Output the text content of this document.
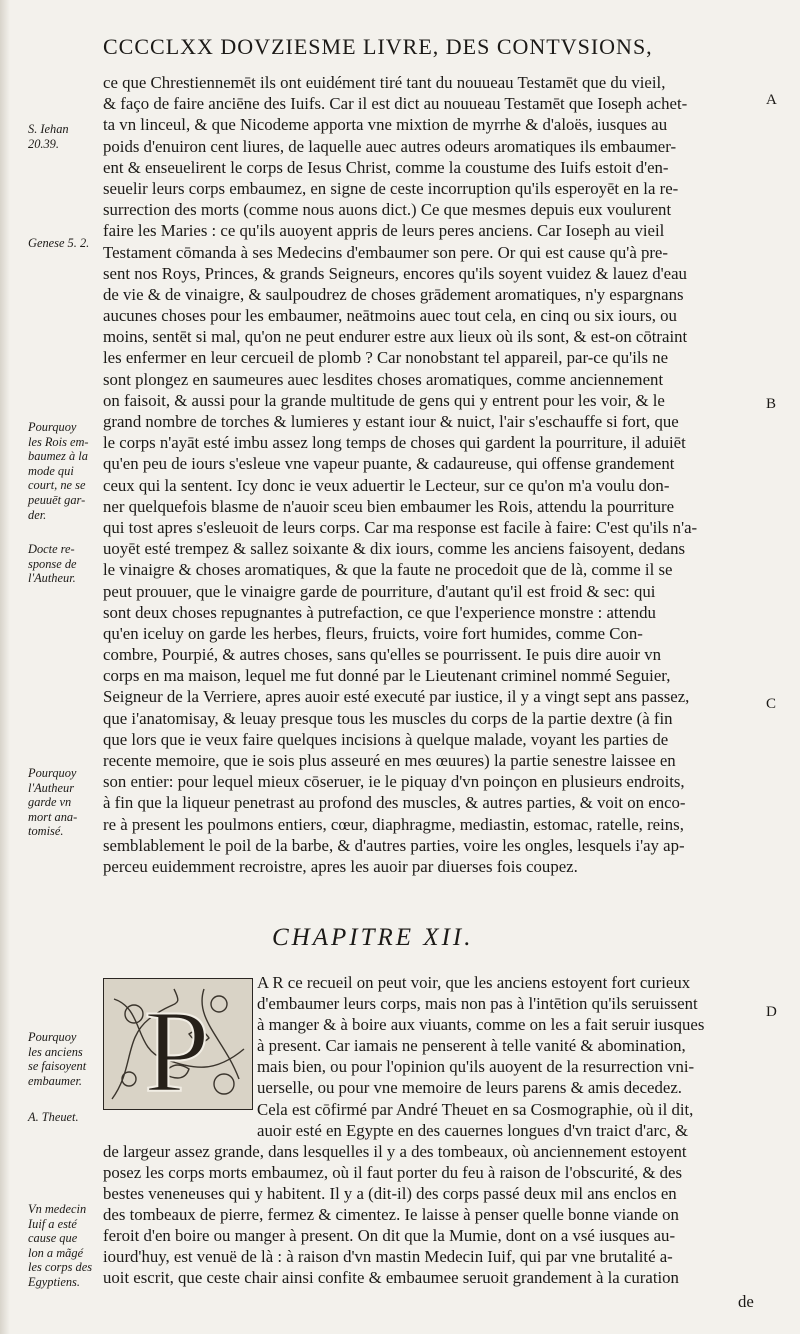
CCCCLXX DOVZIESME LIVRE, DES CONTVSIONS,
ce que Chrestiennemēt ils ont euidément tiré tant du nouueau Testamēt que du vieil,
& faço de faire anciēne des Iuifs. Car il est dict au nouueau Testamēt que Ioseph achet-
ta vn linceul, & que Nicodeme apporta vne mixtion de myrrhe & d'aloës, iusques au
poids d'enuiron cent liures, de laquelle auec autres odeurs aromatiques ils embaumer-
ent & enseuelirent le corps de Iesus Christ, comme la coustume des Iuifs estoit d'en-
seuelir leurs corps embaumez, en signe de ceste incorruption qu'ils esperoyēt en la re-
surrection des morts (comme nous auons dict.) Ce que mesmes depuis eux voulurent
faire les Maries : ce qu'ils auoyent appris de leurs peres anciens. Car Ioseph au vieil
Testament cōmanda à ses Medecins d'embaumer son pere. Or qui est cause qu'à pre-
sent nos Roys, Princes, & grands Seigneurs, encores qu'ils soyent vuidez & lauez d'eau
de vie & de vinaigre, & saulpoudrez de choses grādement aromatiques, n'y espargnans
aucunes choses pour les embaumer, neātmoins auec tout cela, en cinq ou six iours, ou
moins, sentēt si mal, qu'on ne peut endurer estre aux lieux où ils sont, & est-on cōtraint
les enfermer en leur cercueil de plomb ? Car nonobstant tel appareil, par-ce qu'ils ne
sont plongez en saumeures auec lesdites choses aromatiques, comme anciennement
on faisoit, & aussi pour la grande multitude de gens qui y entrent pour les voir, & le
grand nombre de torches & lumieres y estant iour & nuict, l'air s'eschauffe si fort, que
le corps n'ayāt esté imbu assez long temps de choses qui gardent la pourriture, il aduiēt
qu'en peu de iours s'esleue vne vapeur puante, & cadaureuse, qui offense grandement
ceux qui la sentent. Icy donc ie veux aduertir le Lecteur, sur ce qu'on m'a voulu don-
ner quelquefois blasme de n'auoir sceu bien embaumer les Rois, attendu la pourriture
qui tost apres s'esleuoit de leurs corps. Car ma response est facile à faire: C'est qu'ils n'a-
uoyēt esté trempez & sallez soixante & dix iours, comme les anciens faisoyent, dedans
le vinaigre & choses aromatiques, & que la faute ne procedoit que de là, comme il se
peut prouuer, que le vinaigre garde de pourriture, d'autant qu'il est froid & sec: qui
sont deux choses repugnantes à putrefaction, ce que l'experience monstre : attendu
qu'en iceluy on garde les herbes, fleurs, fruicts, voire fort humides, comme Con-
combre, Pourpié, & autres choses, sans qu'elles se pourrissent. Ie puis dire auoir vn
corps en ma maison, lequel me fut donné par le Lieutenant criminel nommé Seguier,
Seigneur de la Verriere, apres auoir esté executé par iustice, il y a vingt sept ans passez,
que i'anatomisay, & leuay presque tous les muscles du corps de la partie dextre (à fin
que lors que ie veux faire quelques incisions à quelque malade, voyant les parties de
recente memoire, que ie sois plus asseuré en mes œuures) la partie senestre laissee en
son entier: pour lequel mieux cōseruer, ie le piquay d'vn poinçon en plusieurs endroits,
à fin que la liqueur penetrast au profond des muscles, & autres parties, & voit on enco-
re à present les poulmons entiers, cœur, diaphragme, mediastin, estomac, ratelle, reins,
semblablement le poil de la barbe, & d'autres parties, voire les ongles, lesquels i'ay ap-
perceu euidemment recroistre, apres les auoir par diuerses fois coupez.
CHAPITRE XII.
P
A R ce recueil on peut voir, que les anciens estoyent fort curieux
d'embaumer leurs corps, mais non pas à l'intētion qu'ils seruissent
à manger & à boire aux viuants, comme on les a fait seruir iusques
à present. Car iamais ne penserent à telle vanité & abomination,
mais bien, ou pour l'opinion qu'ils auoyent de la resurrection vni-
uerselle, ou pour vne memoire de leurs parens & amis decedez.
Cela est cōfirmé par André Theuet en sa Cosmographie, où il dit,
auoir esté en Egypte en des cauernes longues d'vn traict d'arc, &
de largeur assez grande, dans lesquelles il y a des tombeaux, où anciennement estoyent
posez les corps morts embaumez, où il faut porter du feu à raison de l'obscurité, & des
bestes veneneuses qui y habitent. Il y a (dit-il) des corps passé deux mil ans enclos en
des tombeaux de pierre, fermez & cimentez. Ie laisse à penser quelle bonne viande on
feroit d'en boire ou manger à present. On dit que la Mumie, dont on a vsé iusques au-
iourd'huy, est venuë de là : à raison d'vn mastin Medecin Iuif, qui par vne brutalité a-
uoit escrit, que ceste chair ainsi confite & embaumee seruoit grandement à la curation
S. Iehan
20.39.
Genese 5. 2.
Pourquoy
les Rois em-
baumez à la
mode qui
court, ne se
peuuēt gar-
der.
Docte re-
sponse de
l'Autheur.
Pourquoy
l'Autheur
garde vn
mort ana-
tomisé.
Pourquoy
les anciens
se faisoyent
embaumer.
A. Theuet.
Vn medecin
Iuif a esté
cause que
lon a mãgé
les corps des
Egyptiens.
A
B
C
D
de
